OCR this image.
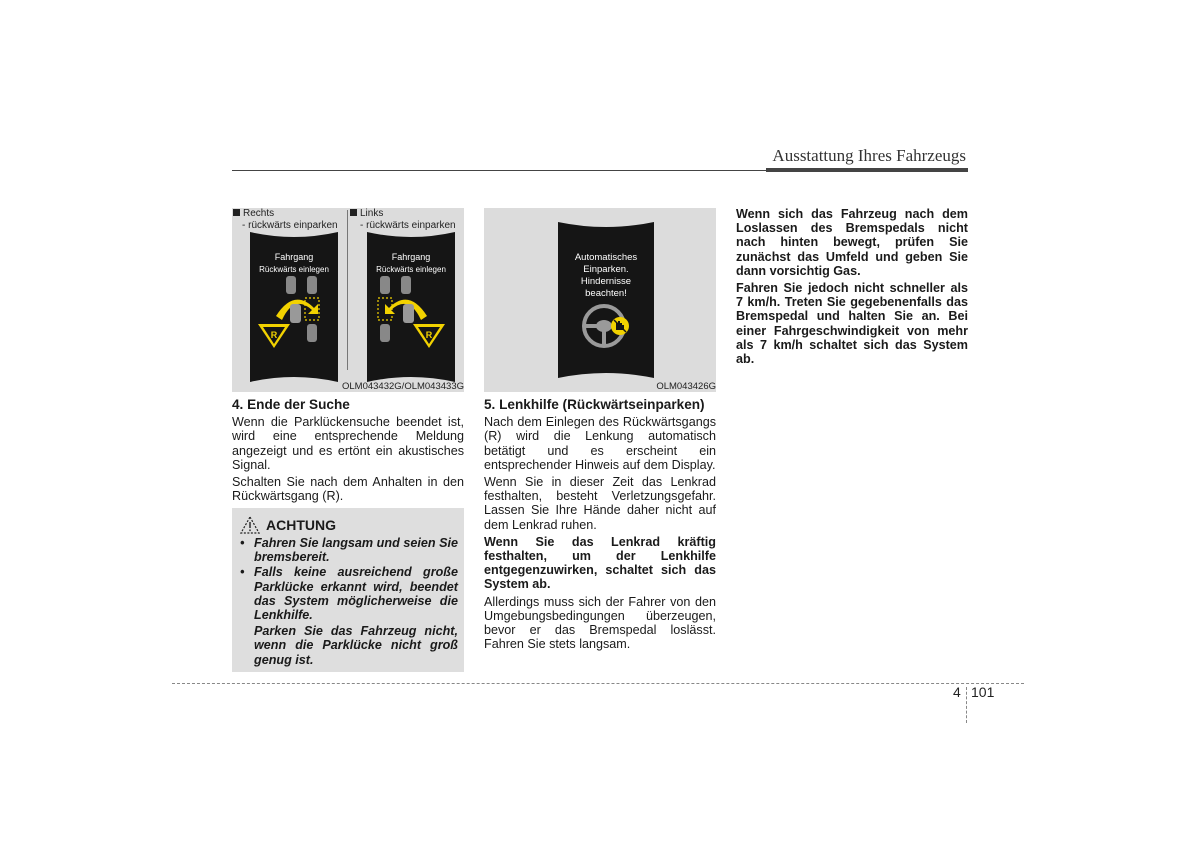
Ausstattung Ihres Fahrzeugs
Rechts
- rückwärts einparken
Links
- rückwärts einparken
Fahrgang
Rückwärts einlegen
R
Fahrgang
Rückwärts einlegen
R
OLM043432G/OLM043433G

4. Ende der Suche

Wenn die Parklückensuche beendet ist, wird eine entsprechende Meldung angezeigt und es ertönt ein akustisches Signal.

Schalten Sie nach dem Anhalten in den Rückwärtsgang (R).

ACHTUNG
• Fahren Sie langsam und seien Sie bremsbereit.
• Falls keine ausreichend große Parklücke erkannt wird, beendet das System möglicherweise die Lenkhilfe.
Parken Sie das Fahrzeug nicht, wenn die Parklücke nicht groß genug ist.
Automatisches
Einparken.
Hindernisse
beachten!
OLM043426G

5. Lenkhilfe (Rückwärtseinparken)

Nach dem Einlegen des Rückwärtsgangs (R) wird die Lenkung automatisch betätigt und es erscheint ein entsprechender Hinweis auf dem Display.

Wenn Sie in dieser Zeit das Lenkrad festhalten, besteht Verletzungsgefahr. Lassen Sie Ihre Hände daher nicht auf dem Lenkrad ruhen.

Wenn Sie das Lenkrad kräftig festhalten, um der Lenkhilfe entgegenzuwirken, schaltet sich das System ab.

Allerdings muss sich der Fahrer von den Umgebungsbedingungen überzeugen, bevor er das Bremspedal loslässt. Fahren Sie stets langsam.

Wenn sich das Fahrzeug nach dem Loslassen des Bremspedals nicht nach hinten bewegt, prüfen Sie zunächst das Umfeld und geben Sie dann vorsichtig Gas.

Fahren Sie jedoch nicht schneller als 7 km/h. Treten Sie gegebenenfalls das Bremspedal und halten Sie an. Bei einer Fahrgeschwindigkeit von mehr als 7 km/h schaltet sich das System ab.

4 101
